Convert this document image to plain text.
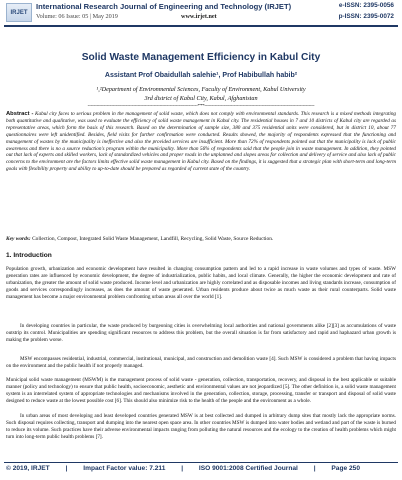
IRJET
International Research Journal of Engineering and Technology (IRJET)
Volume: 06 Issue: 05 | May 2019	www.irjet.net
e-ISSN: 2395-0056
p-ISSN: 2395-0072
Solid Waste Management Efficiency in Kabul City
Assistant Prof Obaidullah salehie¹, Prof Habibullah habib²
¹,²Department of Environmental Sciences, Faculty of Environment, Kabul University
3rd district of Kabul City, Kabul, Afghanistan
---------------------------------------------------------------------------***---------------------------------------------------------------------------
Abstract - Kabul city faces to serious problem in the management of solid waste, which does not comply with environmental standards. This research is a mixed methods integrating both quantitative and qualitative, was used to evaluate the efficiency of solid waste management in Kabul city. The residential houses in 7 and 10 districts of Kabul city are regarded as representative areas, which form the basis of this research. Based on the determination of sample size, 380 and 375 residential units were considered, but in district 10, about 77 questionnaires were left unidentified. Besides, field visits for further confirmation were conducted. Results showed, the majority of respondents expressed that the functioning and management of wastes by the municipality is ineffective and also the provided services are insufficient. More than 72% of respondents pointed out that the municipality is lack of public awareness and there is no a source reduction's program within the municipality. More than 56% of respondents said that the people join in waste management. In addition, they pointed out that lack of experts and skilled workers, lack of standardized vehicles and proper roads in the unplanned and slopes areas for collection and delivery of service and also lack of public concerns to the environment are the factors limits effective solid waste management in Kabul city. Based on the findings, it is suggested that a strategic plan with short-term and long-term goals with flexibility property and ability to up-to-date should be prepared as regarded of current state of the country.
Key words: Collection, Compost, Integrated Solid Waste Management, Landfill, Recycling, Solid Waste, Source Reduction.
1. Introduction
Population growth, urbanization and economic development have resulted in changing consumption pattern and led to a rapid increase in waste volumes and types of waste. MSW generation rates are influenced by economic development, the degree of industrialization, public habits, and local climate. Generally, the higher the economic development and rate of urbanization, the greater the amount of solid waste produced. Income level and urbanization are highly correlated and as disposable incomes and living standards increase, consumption of goods and services correspondingly increases, as does the amount of waste generated. Urban residents produce about twice as much waste as their rural counterparts. Solid waste management has become a major environmental problem confronting urban areas all over the world [1].
In developing countries in particular, the waste produced by burgeoning cities is overwhelming local authorities and national governments alike [2][3] as accumulations of waste outstrip its control. Municipalities are spending significant resources to address this problem, but the overall situation is far from satisfactory and rapid and haphazard urban growth is making the problem worse.
MSW encompasses residential, industrial, commercial, institutional, municipal, and construction and demolition waste [4]. Such MSW is considered a problem that having impacts on the environment and the public health if not properly managed.
Municipal solid waste management (MSWM) is the management process of solid waste - generation, collection, transportation, recovery, and disposal in the best applicable or suitable manner (policy and technology) to ensure that public health, socioeconomic, aesthetic and environmental values are not jeopardized [5]. The other definition is, a solid waste management system is an interrelated system of appropriate technologies and mechanisms involved in the generation, collection, storage, processing, transfer or transport and disposal of solid waste designed to reduce waste at the lowest possible cost [6]. This should also minimize risk to the health of the people and the environment as a whole.
In urban areas of most developing and least developed countries generated MSW is at best collected and dumped in arbitrary dump sites that mostly lack the appropriate norms. Such disposal requires collecting, transport and dumping into the nearest open space area. In other countries MSW is dumped into water bodies and wetland and part of the waste is burned to reduce its volume. Such practices have their adverse environmental impacts ranging from polluting the natural resources and the ecology to the creation of health problems which might turn into long-term public health problems [7].
© 2019, IRJET | Impact Factor value: 7.211 | ISO 9001:2008 Certified Journal | Page 250
